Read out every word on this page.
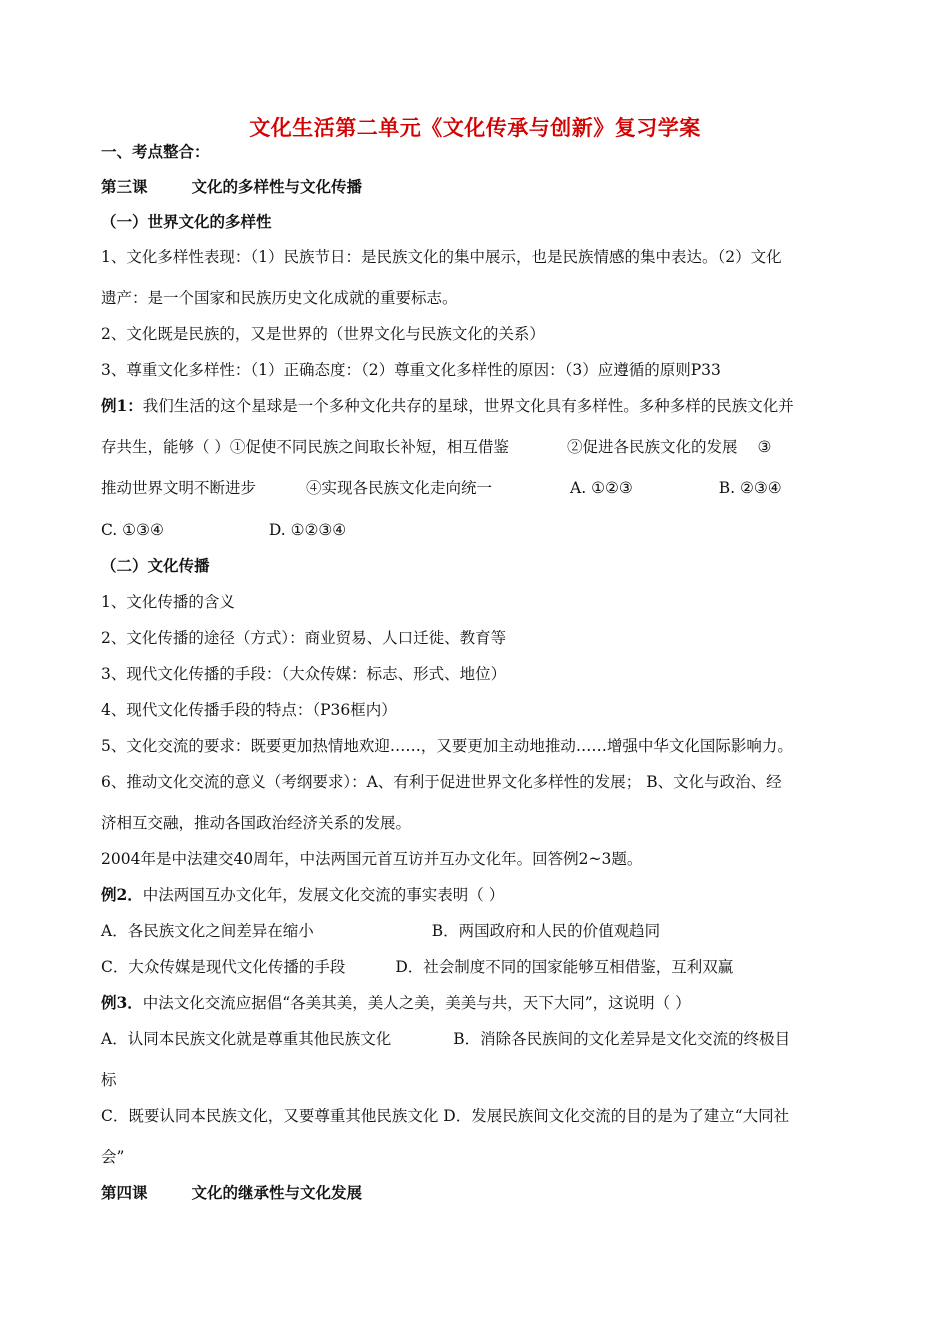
文化生活第二单元《文化传承与创新》复习学案
一、考点整合：
第三课	文化的多样性与文化传播
（一）世界文化的多样性
1、文化多样性表现：（1）民族节日：是民族文化的集中展示，也是民族情感的集中表达。（2）文化
遗产：是一个国家和民族历史文化成就的重要标志。
2、文化既是民族的，又是世界的（世界文化与民族文化的关系）
3、尊重文化多样性：（1）正确态度：（2）尊重文化多样性的原因：（3）应遵循的原则P33
例1：我们生活的这个星球是一个多种文化共存的星球，世界文化具有多样性。多种多样的民族文化并
存共生，能够（ ）①促使不同民族之间取长补短，相互借鉴	②促进各民族文化的发展 ③
推动世界文明不断进步	④实现各民族文化走向统一	A. ①②③	B. ②③④
C. ①③④	D. ①②③④
（二）文化传播
1、文化传播的含义
2、文化传播的途径（方式）：商业贸易、人口迁徙、教育等
3、现代文化传播的手段：（大众传媒：标志、形式、地位）
4、现代文化传播手段的特点：（P36框内）
5、文化交流的要求：既要更加热情地欢迎……，又要更加主动地推动……增强中华文化国际影响力。
6、推动文化交流的意义（考纲要求）：A、有利于促进世界文化多样性的发展； B、文化与政治、经
济相互交融，推动各国政治经济关系的发展。
2004年是中法建交40周年，中法两国元首互访并互办文化年。回答例2~3题。
例2．中法两国互办文化年，发展文化交流的事实表明（ ）
A．各民族文化之间差异在缩小	B．两国政府和人民的价值观趋同
C．大众传媒是现代文化传播的手段	D．社会制度不同的国家能够互相借鉴，互利双赢
例3．中法文化交流应据倡“各美其美，美人之美，美美与共，天下大同”，这说明（ ）
A．认同本民族文化就是尊重其他民族文化	B．消除各民族间的文化差异是文化交流的终极目
标
C．既要认同本民族文化，又要尊重其他民族文化 D．发展民族间文化交流的目的是为了建立“大同社
会”
第四课	文化的继承性与文化发展
